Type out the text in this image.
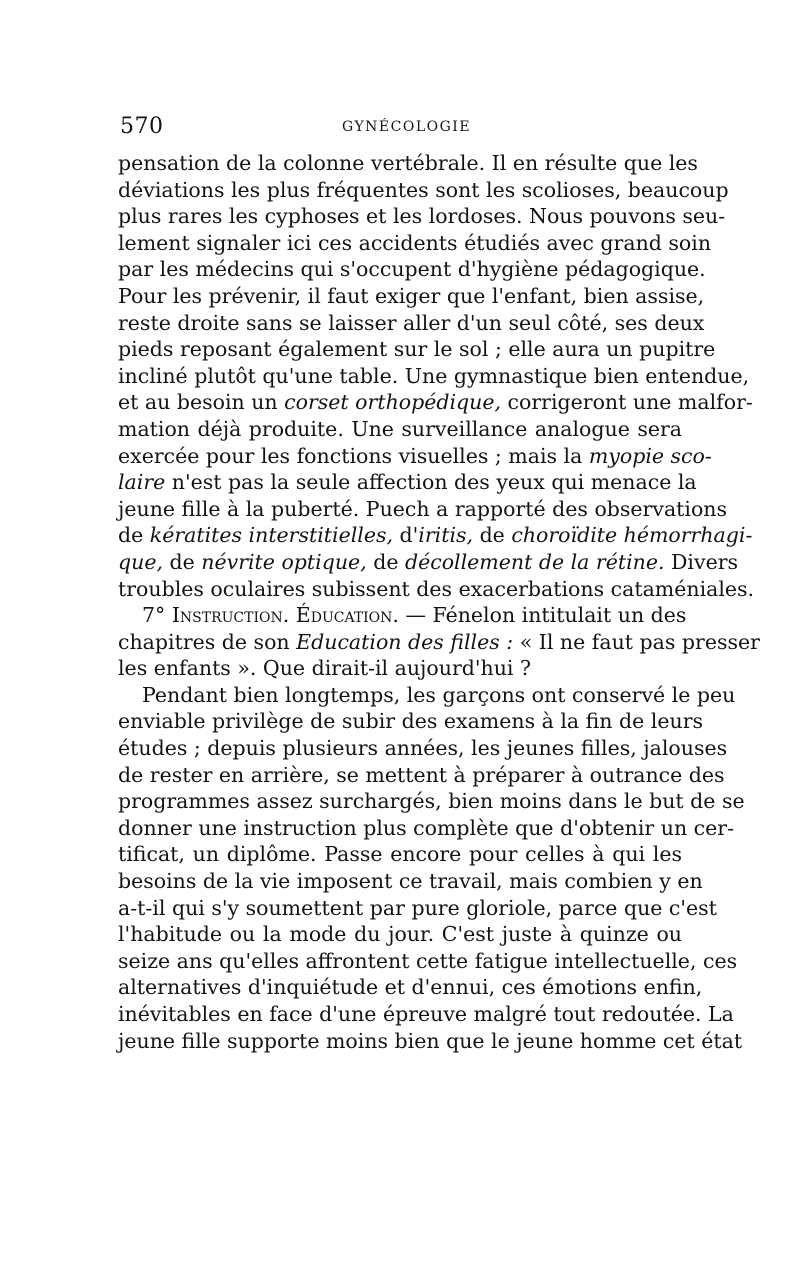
570	GYNÉCOLOGIE
pensation de la colonne vertébrale. Il en résulte que les
déviations les plus fréquentes sont les scolioses, beaucoup
plus rares les cyphoses et les lordoses. Nous pouvons seu-
lement signaler ici ces accidents étudiés avec grand soin
par les médecins qui s'occupent d'hygiène pédagogique.
Pour les prévenir, il faut exiger que l'enfant, bien assise,
reste droite sans se laisser aller d'un seul côté, ses deux
pieds reposant également sur le sol ; elle aura un pupitre
incliné plutôt qu'une table. Une gymnastique bien entendue,
et au besoin un corset orthopédique, corrigeront une malfor-
mation déjà produite. Une surveillance analogue sera
exercée pour les fonctions visuelles ; mais la myopie sco-
laire n'est pas la seule affection des yeux qui menace la
jeune fille à la puberté. Puech a rapporté des observations
de kératites interstitielles, d'iritis, de choroïdite hémorrhagi-
que, de névrite optique, de décollement de la rétine. Divers
troubles oculaires subissent des exacerbations cataméniales.
7° Instruction. Éducation. — Fénelon intitulait un des
chapitres de son Education des filles : « Il ne faut pas presser
les enfants ». Que dirait-il aujourd'hui ?
Pendant bien longtemps, les garçons ont conservé le peu
enviable privilège de subir des examens à la fin de leurs
études ; depuis plusieurs années, les jeunes filles, jalouses
de rester en arrière, se mettent à préparer à outrance des
programmes assez surchargés, bien moins dans le but de se
donner une instruction plus complète que d'obtenir un cer-
tificat, un diplôme. Passe encore pour celles à qui les
besoins de la vie imposent ce travail, mais combien y en
a-t-il qui s'y soumettent par pure gloriole, parce que c'est
l'habitude ou la mode du jour. C'est juste à quinze ou
seize ans qu'elles affrontent cette fatigue intellectuelle, ces
alternatives d'inquiétude et d'ennui, ces émotions enfin,
inévitables en face d'une épreuve malgré tout redoutée. La
jeune fille supporte moins bien que le jeune homme cet état
